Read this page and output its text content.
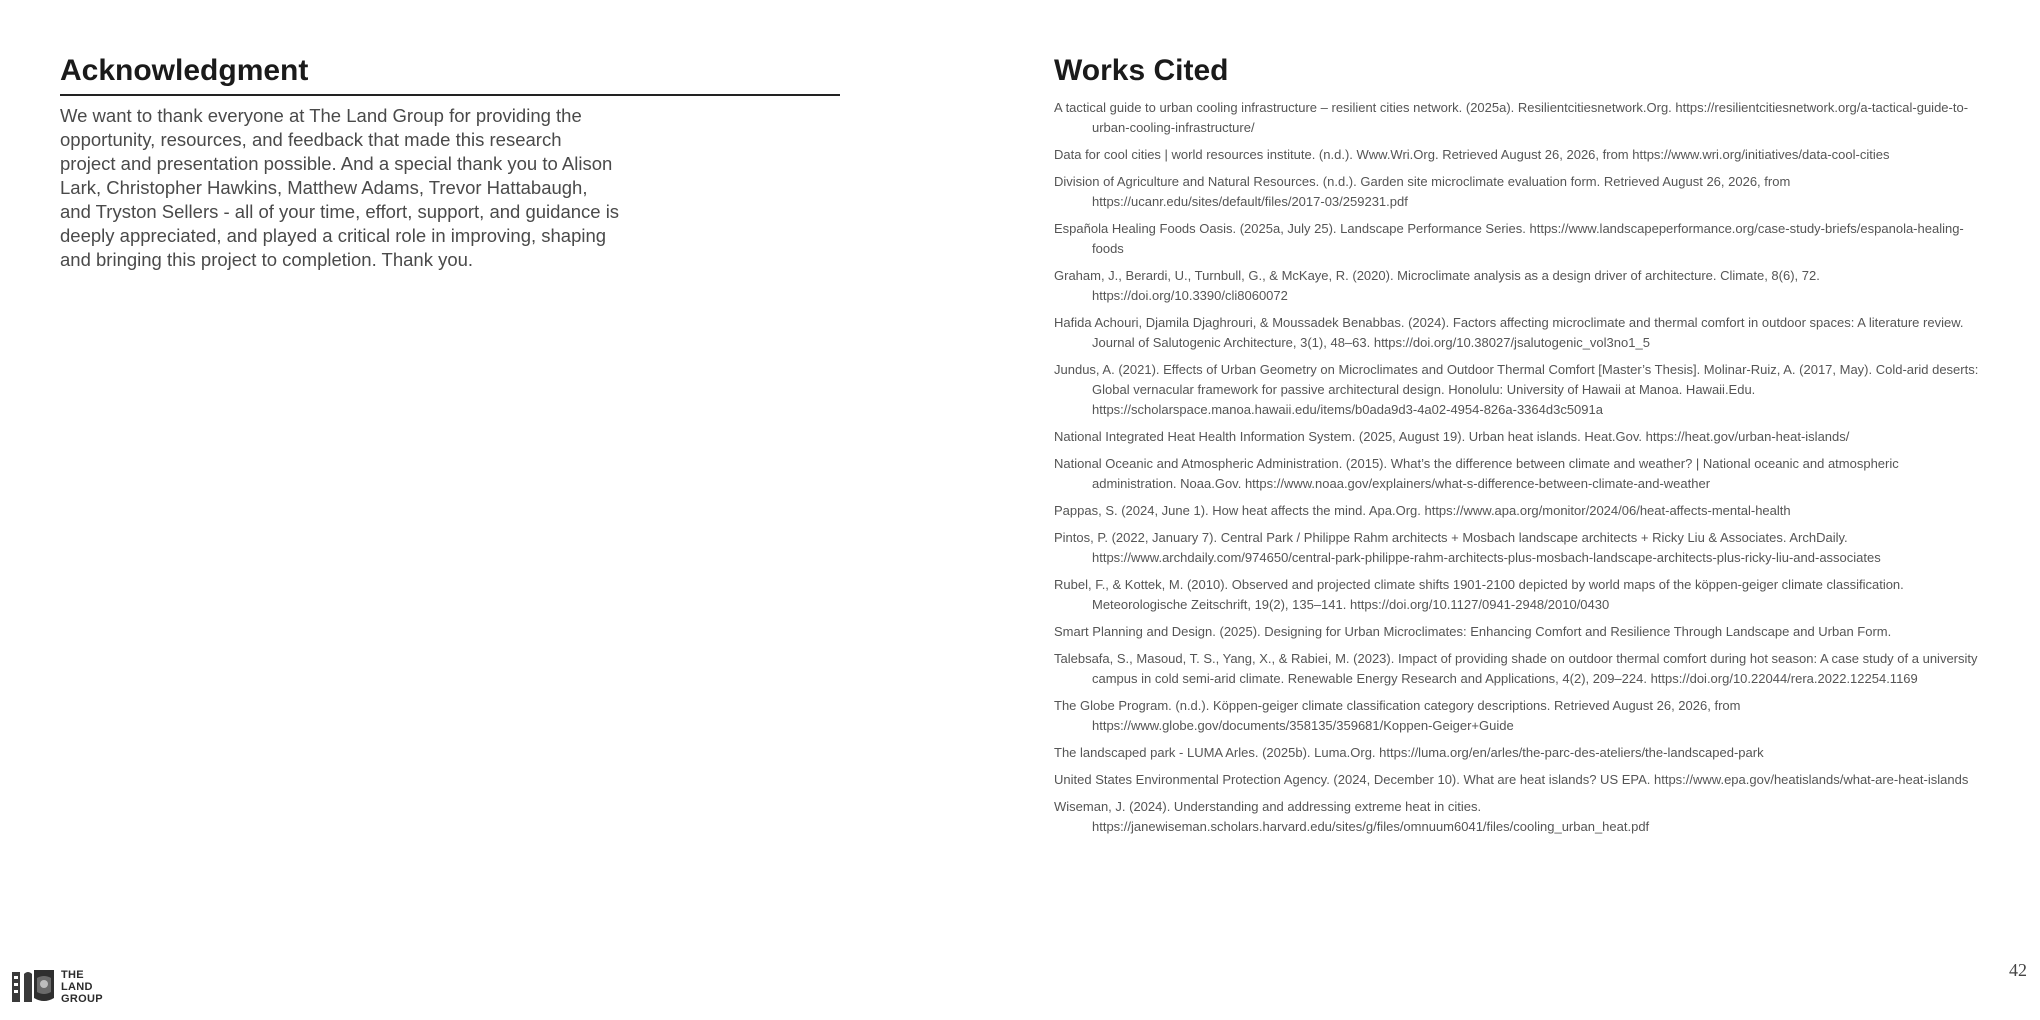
Acknowledgment

We want to thank everyone at The Land Group for providing the opportunity, resources, and feedback that made this research project and presentation possible. And a special thank you to Alison Lark, Christopher Hawkins, Matthew Adams, Trevor Hattabaugh, and Tryston Sellers - all of your time, effort, support, and guidance is deeply appreciated, and played a critical role in improving, shaping and bringing this project to completion. Thank you.

Works Cited
A tactical guide to urban cooling infrastructure – resilient cities network. (2025a). Resilientcitiesnetwork.Org. https://resilientcitiesnetwork.org/a-tactical-guide-to-urban-cooling-infrastructure/
Data for cool cities | world resources institute. (n.d.). Www.Wri.Org. Retrieved August 26, 2026, from https://www.wri.org/initiatives/data-cool-cities
Division of Agriculture and Natural Resources. (n.d.). Garden site microclimate evaluation form. Retrieved August 26, 2026, from https://ucanr.edu/sites/default/files/2017-03/259231.pdf
Española Healing Foods Oasis. (2025a, July 25). Landscape Performance Series. https://www.landscapeperformance.org/case-study-briefs/espanola-healing-foods
Graham, J., Berardi, U., Turnbull, G., & McKaye, R. (2020). Microclimate analysis as a design driver of architecture. Climate, 8(6), 72. https://doi.org/10.3390/cli8060072
Hafida Achouri, Djamila Djaghrouri, & Moussadek Benabbas. (2024). Factors affecting microclimate and thermal comfort in outdoor spaces: A literature review. Journal of Salutogenic Architecture, 3(1), 48–63. https://doi.org/10.38027/jsalutogenic_vol3no1_5
Jundus, A. (2021). Effects of Urban Geometry on Microclimates and Outdoor Thermal Comfort [Master’s Thesis]. Molinar-Ruiz, A. (2017, May). Cold-arid deserts: Global vernacular framework for passive architectural design. Honolulu: University of Hawaii at Manoa. Hawaii.Edu. https://scholarspace.manoa.hawaii.edu/items/b0ada9d3-4a02-4954-826a-3364d3c5091a
National Integrated Heat Health Information System. (2025, August 19). Urban heat islands. Heat.Gov. https://heat.gov/urban-heat-islands/
National Oceanic and Atmospheric Administration. (2015). What’s the difference between climate and weather? | National oceanic and atmospheric administration. Noaa.Gov. https://www.noaa.gov/explainers/what-s-difference-between-climate-and-weather
Pappas, S. (2024, June 1). How heat affects the mind. Apa.Org. https://www.apa.org/monitor/2024/06/heat-affects-mental-health
Pintos, P. (2022, January 7). Central Park / Philippe Rahm architects + Mosbach landscape architects + Ricky Liu & Associates. ArchDaily. https://www.archdaily.com/974650/central-park-philippe-rahm-architects-plus-mosbach-landscape-architects-plus-ricky-liu-and-associates
Rubel, F., & Kottek, M. (2010). Observed and projected climate shifts 1901-2100 depicted by world maps of the köppen-geiger climate classification. Meteorologische Zeitschrift, 19(2), 135–141. https://doi.org/10.1127/0941-2948/2010/0430
Smart Planning and Design. (2025). Designing for Urban Microclimates: Enhancing Comfort and Resilience Through Landscape and Urban Form.
Talebsafa, S., Masoud, T. S., Yang, X., & Rabiei, M. (2023). Impact of providing shade on outdoor thermal comfort during hot season: A case study of a university campus in cold semi-arid climate. Renewable Energy Research and Applications, 4(2), 209–224. https://doi.org/10.22044/rera.2022.12254.1169
The Globe Program. (n.d.). Köppen-geiger climate classification category descriptions. Retrieved August 26, 2026, from https://www.globe.gov/documents/358135/359681/Koppen-Geiger+Guide
The landscaped park - LUMA Arles. (2025b). Luma.Org. https://luma.org/en/arles/the-parc-des-ateliers/the-landscaped-park
United States Environmental Protection Agency. (2024, December 10). What are heat islands? US EPA. https://www.epa.gov/heatislands/what-are-heat-islands
Wiseman, J. (2024). Understanding and addressing extreme heat in cities. https://janewiseman.scholars.harvard.edu/sites/g/files/omnuum6041/files/cooling_urban_heat.pdf
THE
LAND
GROUP
42
